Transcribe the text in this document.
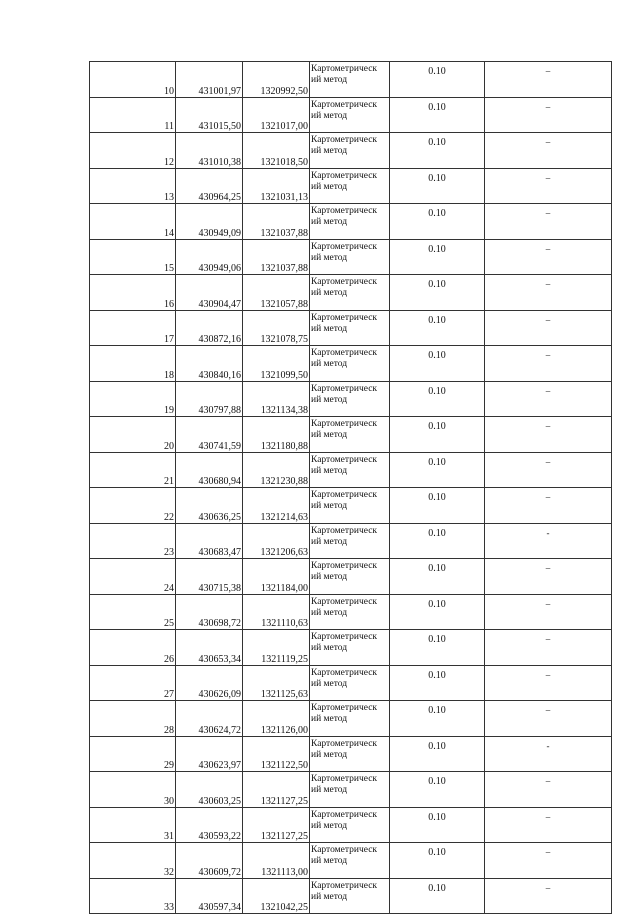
10	431001,97	1320992,50	Картометрическ
ий метод	0.10	–
11	431015,50	1321017,00	Картометрическ
ий метод	0.10	–
12	431010,38	1321018,50	Картометрическ
ий метод	0.10	–
13	430964,25	1321031,13	Картометрическ
ий метод	0.10	–
14	430949,09	1321037,88	Картометрическ
ий метод	0.10	–
15	430949,06	1321037,88	Картометрическ
ий метод	0.10	–
16	430904,47	1321057,88	Картометрическ
ий метод	0.10	–
17	430872,16	1321078,75	Картометрическ
ий метод	0.10	–
18	430840,16	1321099,50	Картометрическ
ий метод	0.10	–
19	430797,88	1321134,38	Картометрическ
ий метод	0.10	–
20	430741,59	1321180,88	Картометрическ
ий метод	0.10	–
21	430680,94	1321230,88	Картометрическ
ий метод	0.10	–
22	430636,25	1321214,63	Картометрическ
ий метод	0.10	–
23	430683,47	1321206,63	Картометрическ
ий метод	0.10	-
24	430715,38	1321184,00	Картометрическ
ий метод	0.10	–
25	430698,72	1321110,63	Картометрическ
ий метод	0.10	–
26	430653,34	1321119,25	Картометрическ
ий метод	0.10	–
27	430626,09	1321125,63	Картометрическ
ий метод	0.10	–
28	430624,72	1321126,00	Картометрическ
ий метод	0.10	–
29	430623,97	1321122,50	Картометрическ
ий метод	0.10	-
30	430603,25	1321127,25	Картометрическ
ий метод	0.10	–
31	430593,22	1321127,25	Картометрическ
ий метод	0.10	–
32	430609,72	1321113,00	Картометрическ
ий метод	0.10	–
33	430597,34	1321042,25	Картометрическ
ий метод	0.10	–
